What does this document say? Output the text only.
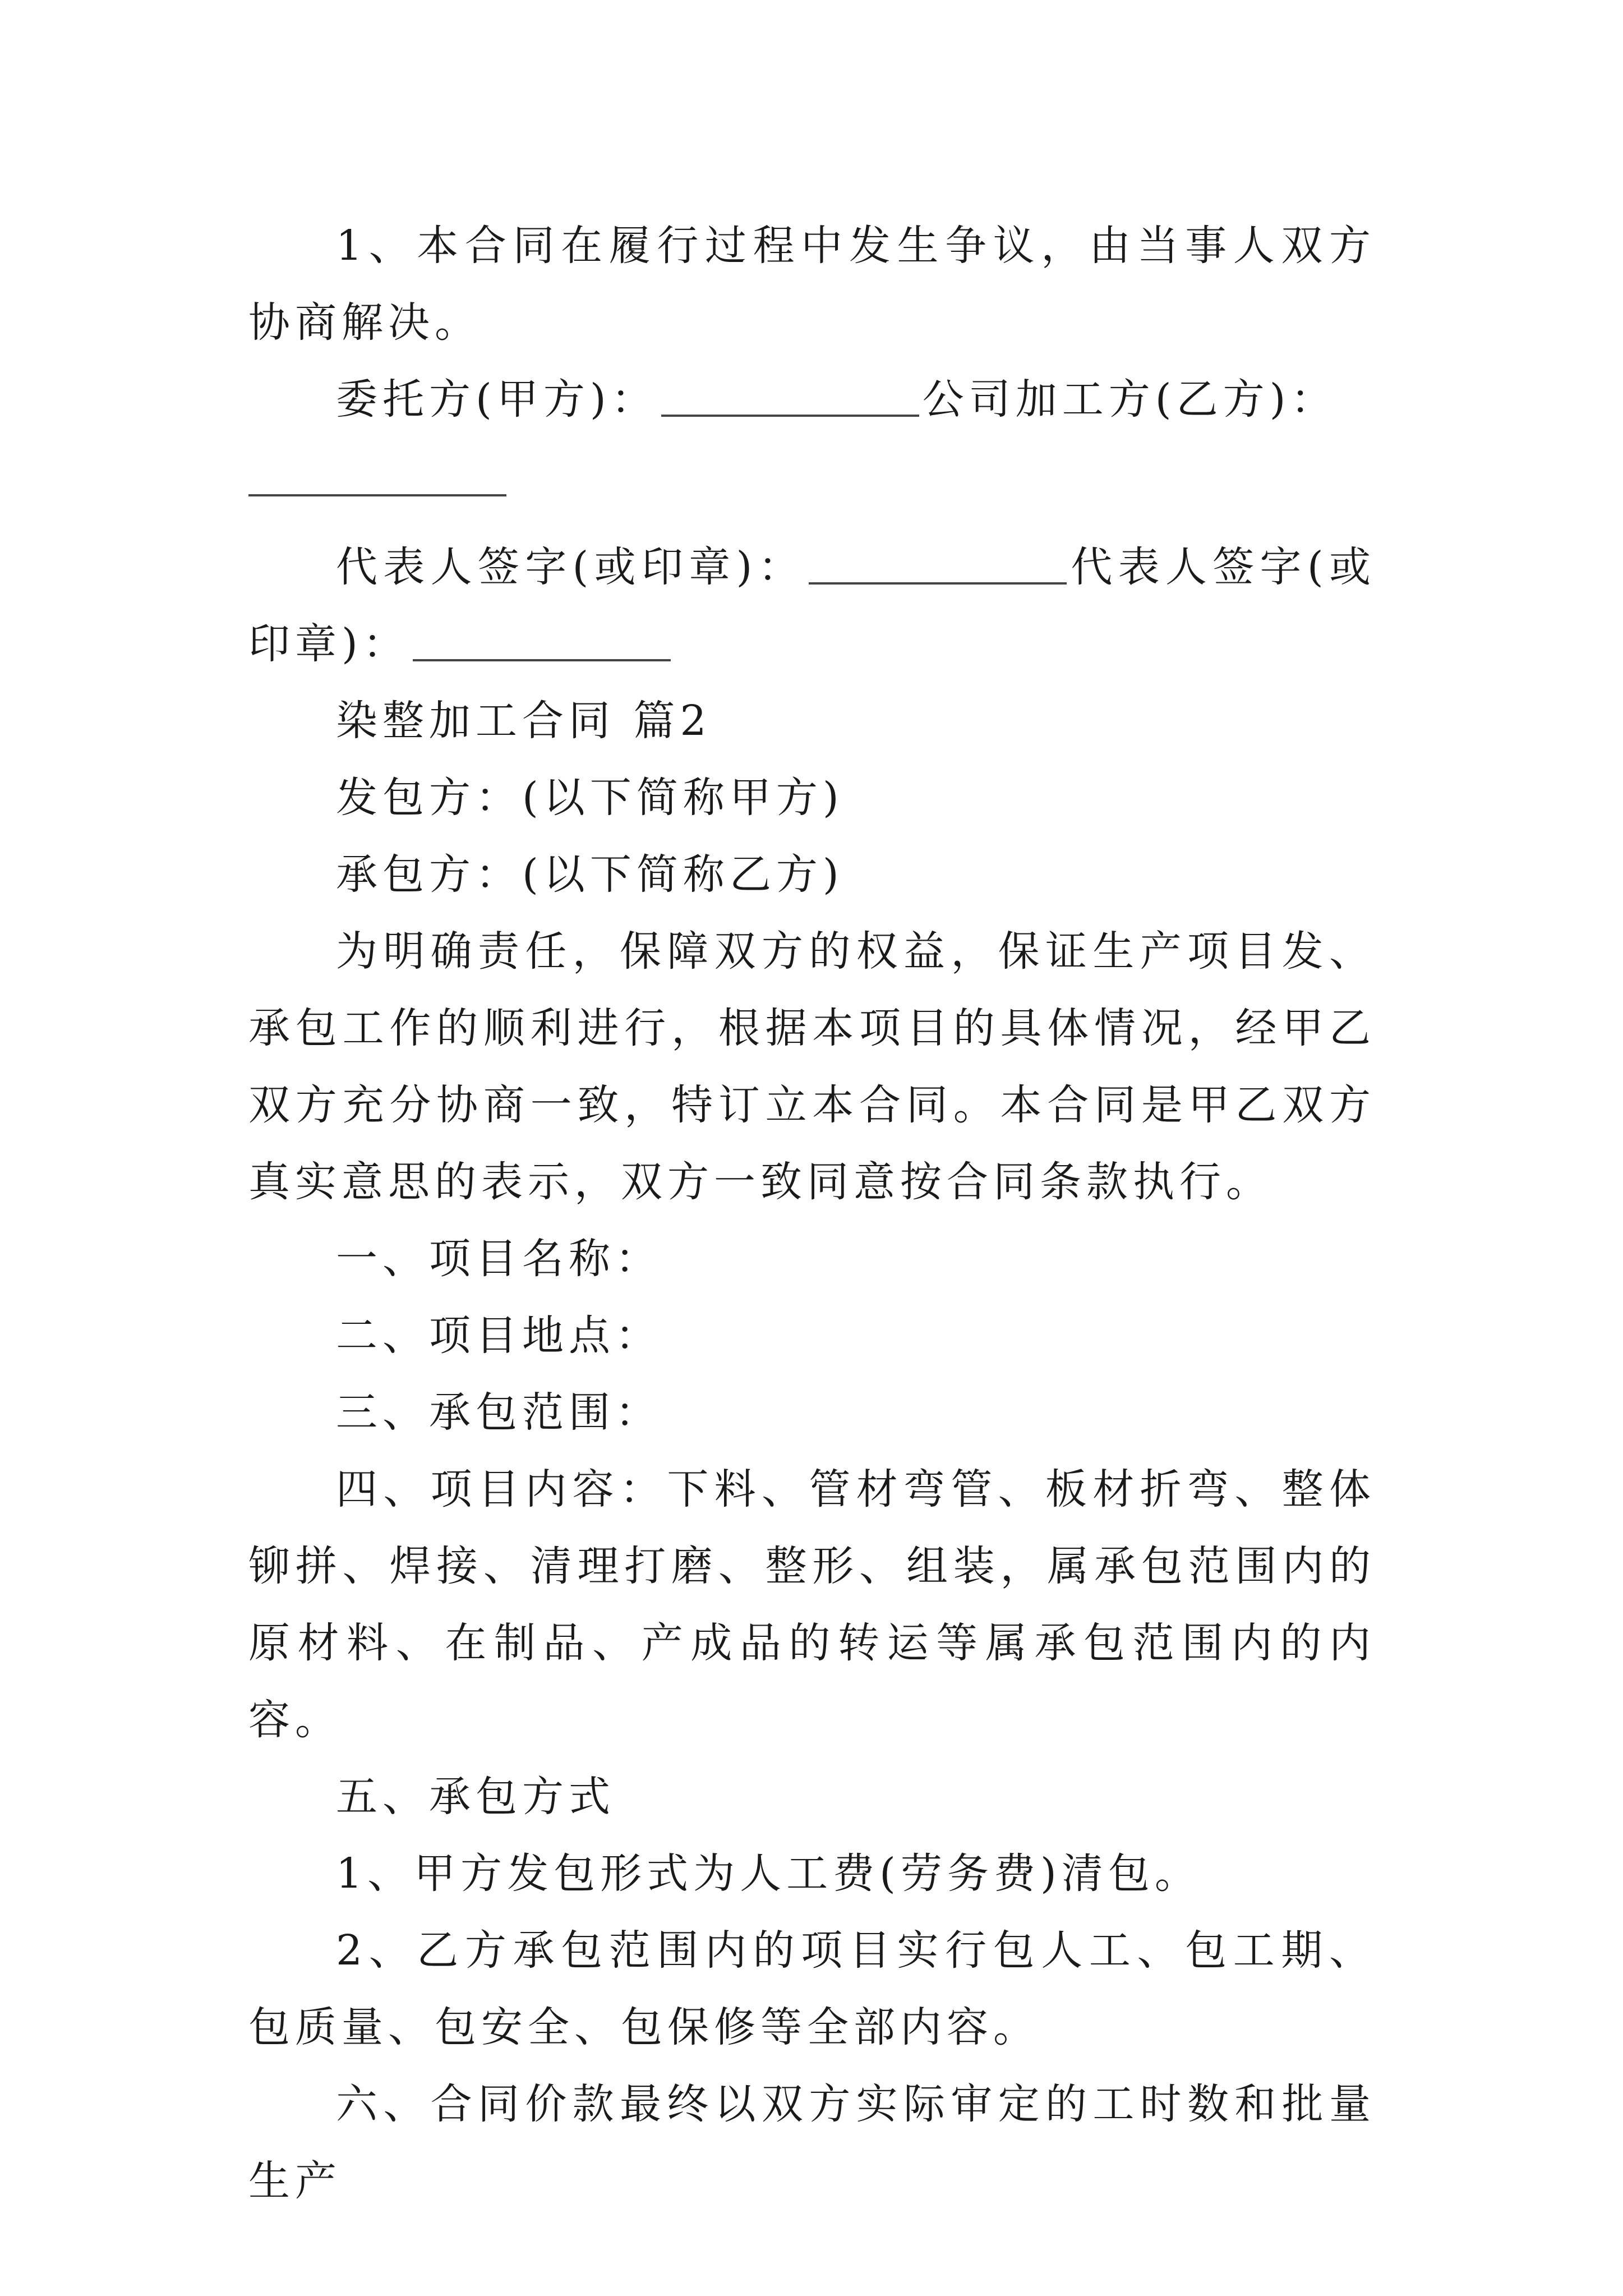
1、本合同在履行过程中发生争议，由当事人双方协商解决。

委托方(甲方)：	公司加工方(乙方)：

代表人签字(或印章)：	代表人签字(或印章)：

染整加工合同 篇2

发包方：(以下简称甲方)

承包方：(以下简称乙方)

为明确责任，保障双方的权益，保证生产项目发、承包工作的顺利进行，根据本项目的具体情况，经甲乙双方充分协商一致，特订立本合同。本合同是甲乙双方真实意思的表示，双方一致同意按合同条款执行。

一、项目名称：

二、项目地点：

三、承包范围：

四、项目内容：下料、管材弯管、板材折弯、整体铆拼、焊接、清理打磨、整形、组装，属承包范围内的原材料、在制品、产成品的转运等属承包范围内的内容。

五、承包方式

1、甲方发包形式为人工费(劳务费)清包。

2、乙方承包范围内的项目实行包人工、包工期、包质量、包安全、包保修等全部内容。

六、合同价款最终以双方实际审定的工时数和批量生产
